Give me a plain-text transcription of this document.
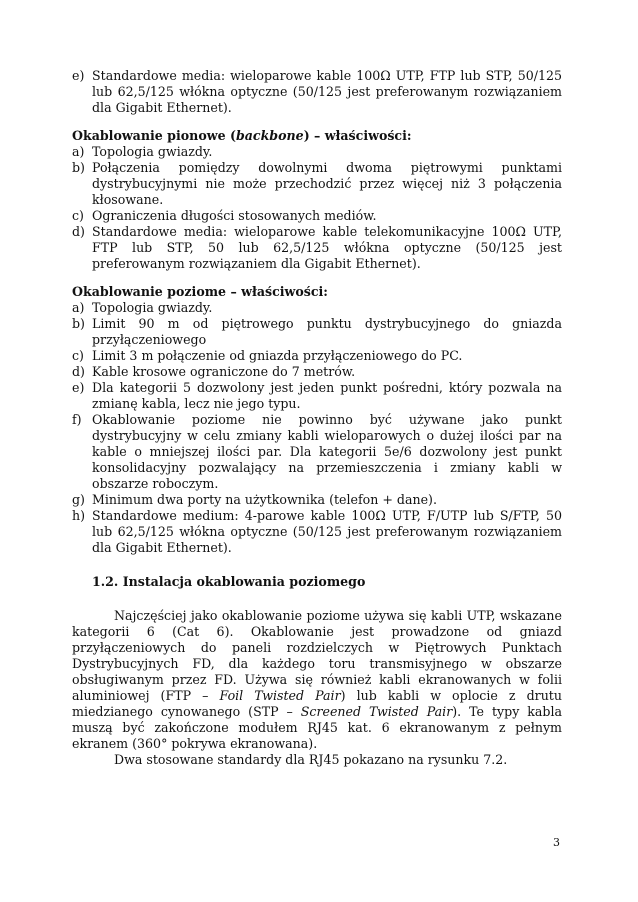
e) Standardowe media: wieloparowe kable 100Ω UTP, FTP lub STP, 50/125 lub 62,5/125 włókna optyczne (50/125 jest preferowanym rozwiązaniem dla Gigabit Ethernet).
Okablowanie pionowe (backbone) – właściwości:
a) Topologia gwiazdy.
b) Połączenia pomiędzy dowolnymi dwoma piętrowymi punktami dystrybucyjnymi nie może przechodzić przez więcej niż 3 połączenia kłosowane.
c) Ograniczenia długości stosowanych mediów.
d) Standardowe media: wieloparowe kable telekomunikacyjne 100Ω UTP, FTP lub STP, 50 lub 62,5/125 włókna optyczne (50/125 jest preferowanym rozwiązaniem dla Gigabit Ethernet).
Okablowanie poziome – właściwości:
a) Topologia gwiazdy.
b) Limit 90 m od piętrowego punktu dystrybucyjnego do gniazda przyłączeniowego
c) Limit 3 m połączenie od gniazda przyłączeniowego do PC.
d) Kable krosowe ograniczone do 7 metrów.
e) Dla kategorii 5 dozwolony jest jeden punkt pośredni, który pozwala na zmianę kabla, lecz nie jego typu.
f) Okablowanie poziome nie powinno być używane jako punkt dystrybucyjny w celu zmiany kabli wieloparowych o dużej ilości par na kable o mniejszej ilości par. Dla kategorii 5e/6 dozwolony jest punkt konsolidacyjny pozwalający na przemieszczenia i zmiany kabli w obszarze roboczym.
g) Minimum dwa porty na użytkownika (telefon + dane).
h) Standardowe medium: 4-parowe kable 100Ω UTP, F/UTP lub S/FTP, 50 lub 62,5/125 włókna optyczne (50/125 jest preferowanym rozwiązaniem dla Gigabit Ethernet).
1.2. Instalacja okablowania poziomego
Najczęściej jako okablowanie poziome używa się kabli UTP, wskazane kategorii 6 (Cat 6). Okablowanie jest prowadzone od gniazd przyłączeniowych do paneli rozdzielczych w Piętrowych Punktach Dystrybucyjnych FD, dla każdego toru transmisyjnego w obszarze obsługiwanym przez FD. Używa się również kabli ekranowanych w folii aluminiowej (FTP – Foil Twisted Pair) lub kabli w oplocie z drutu miedzianego cynowanego (STP – Screened Twisted Pair). Te typy kabla muszą być zakończone modułem RJ45 kat. 6 ekranowanym z pełnym ekranem (360° pokrywa ekranowana).
Dwa stosowane standardy dla RJ45 pokazano na rysunku 7.2.
3
